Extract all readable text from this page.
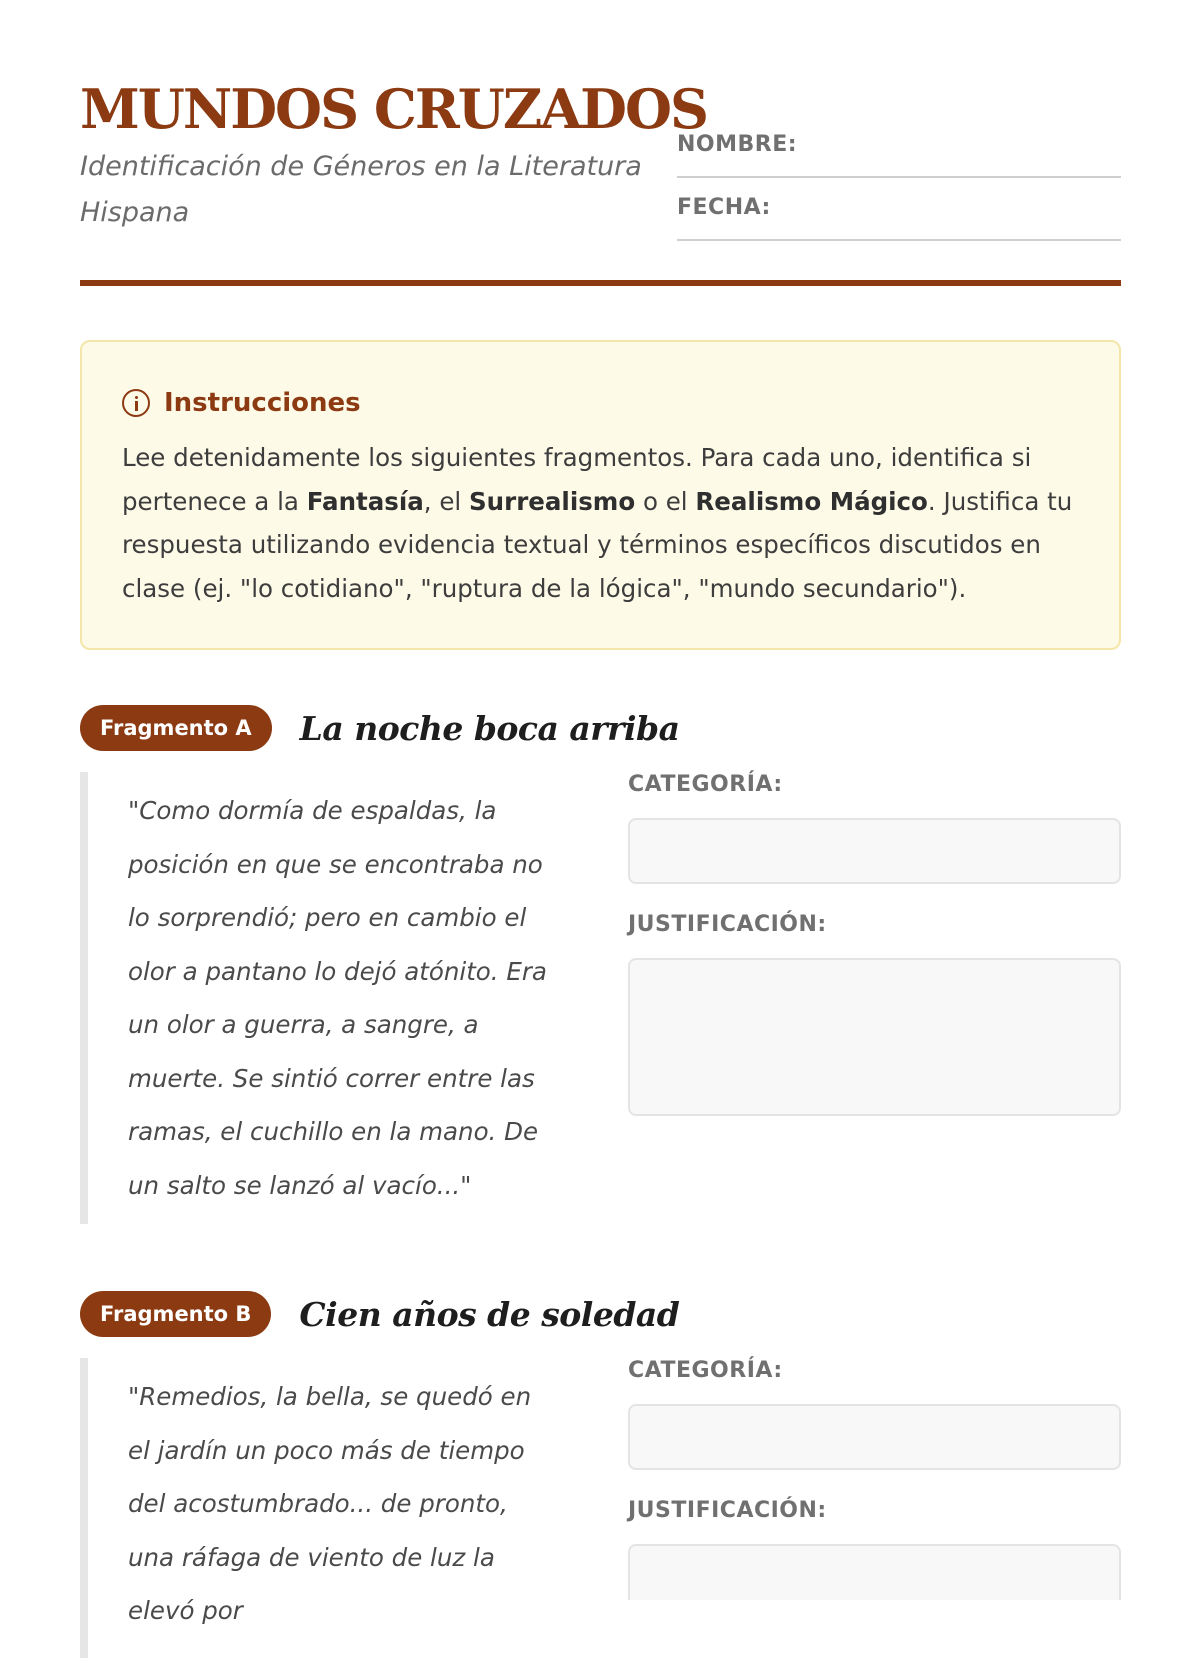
MUNDOS CRUZADOS

Identificación de Géneros en la Literatura Hispana

NOMBRE:
FECHA:
Instrucciones

Lee detenidamente los siguientes fragmentos. Para cada uno, identifica si pertenece a la Fantasía, el Surrealismo o el Realismo Mágico. Justifica tu respuesta utilizando evidencia textual y términos específicos discutidos en clase (ej. "lo cotidiano", "ruptura de la lógica", "mundo secundario").

Fragmento A	La noche boca arriba

"Como dormía de espaldas, la posición en que se encontraba no lo sorprendió; pero en cambio el olor a pantano lo dejó atónito. Era un olor a guerra, a sangre, a muerte. Se sintió correr entre las ramas, el cuchillo en la mano. De un salto se lanzó al vacío..."

CATEGORÍA:
JUSTIFICACIÓN:
Fragmento B	Cien años de soledad

"Remedios, la bella, se quedó en el jardín un poco más de tiempo del acostumbrado... de pronto, una ráfaga de viento de luz la elevó por

CATEGORÍA:
JUSTIFICACIÓN:
